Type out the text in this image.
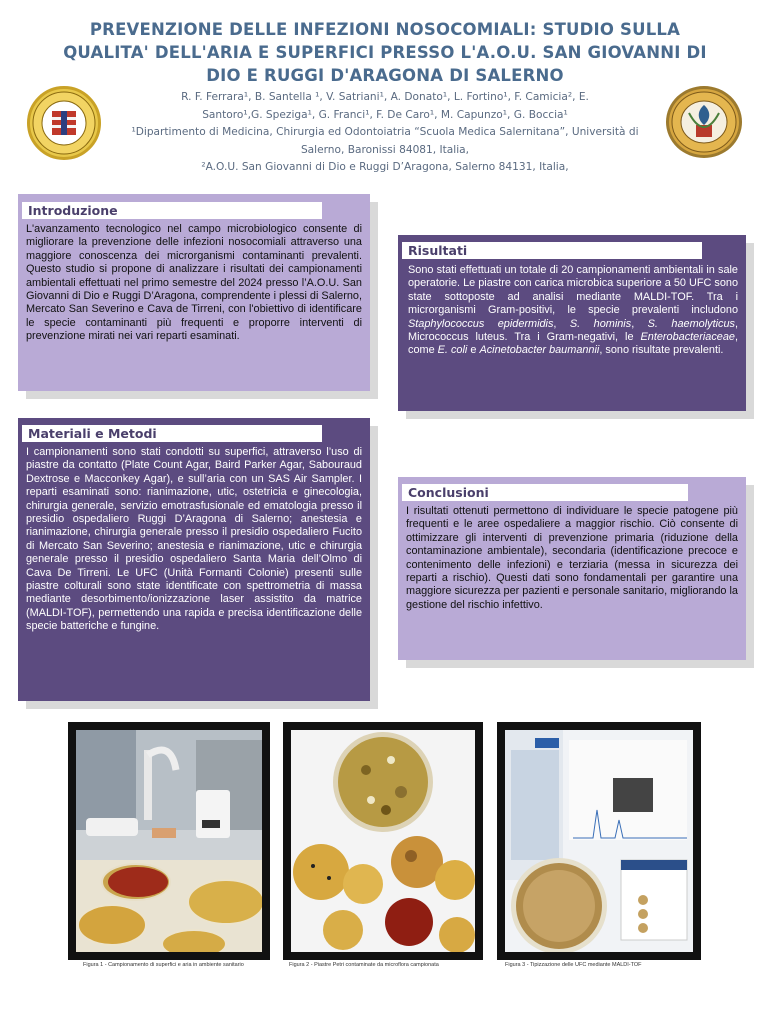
PREVENZIONE DELLE INFEZIONI NOSOCOMIALI: STUDIO SULLA QUALITA' DELL'ARIA E SUPERFICI PRESSO L'A.O.U. SAN GIOVANNI DI DIO E RUGGI D'ARAGONA DI SALERNO
R. F. Ferrara¹, B. Santella ¹, V. Satriani¹, A. Donato¹, L. Fortino¹, F. Camicia², E.
Santoro¹,G. Speziga¹, G. Franci¹, F. De Caro¹, M. Capunzo¹, G. Boccia¹
¹Dipartimento di Medicina, Chirurgia ed Odontoiatria “Scuola Medica Salernitana”, Università di
Salerno, Baronissi 84081, Italia,
²A.O.U. San Giovanni di Dio e Ruggi D’Aragona, Salerno 84131, Italia,
Introduzione
L'avanzamento tecnologico nel campo microbiologico consente di migliorare la prevenzione delle infezioni nosocomiali attraverso una maggiore conoscenza dei microrganismi contaminanti prevalenti. Questo studio si propone di analizzare i risultati dei campionamenti ambientali effettuati nel primo semestre del 2024 presso l’A.O.U. San Giovanni di Dio e Ruggi D’Aragona, comprendente i plessi di Salerno, Mercato San Severino e Cava de Tirreni, con l'obiettivo di identificare le specie contaminanti più frequenti e proporre interventi di prevenzione mirati nei vari reparti esaminati.
Materiali e Metodi
I campionamenti sono stati condotti su superfici, attraverso l’uso di piastre da contatto (Plate Count Agar, Baird Parker Agar, Sabouraud Dextrose e Macconkey Agar), e sull’aria con un SAS Air Sampler. I reparti esaminati sono: rianimazione, utic, ostetricia e ginecologia, chirurgia generale, servizio emotrasfusionale ed ematologia presso il presidio ospedaliero Ruggi D’Aragona di Salerno; anestesia e rianimazione, chirurgia generale presso il presidio ospedaliero Fucito di Mercato San Severino; anestesia e rianimazione, utic e chirurgia generale presso il presidio ospedaliero Santa Maria dell’Olmo di Cava De Tirreni. Le UFC (Unità Formanti Colonie) presenti sulle piastre colturali sono state identificate con spettrometria di massa mediante desorbimento/ionizzazione laser assistito da matrice (MALDI-TOF), permettendo una rapida e precisa identificazione delle specie batteriche e fungine.
Risultati
Sono stati effettuati un totale di 20 campionamenti ambientali in sale operatorie. Le piastre con carica microbica superiore a 50 UFC sono state sottoposte ad analisi mediante MALDI-TOF. Tra i microrganismi Gram-positivi, le specie prevalenti includono Staphylococcus epidermidis, S. hominis, S. haemolyticus, Micrococcus luteus. Tra i Gram-negativi, le Enterobacteriaceae, come E. coli e Acinetobacter baumannii, sono risultate prevalenti.
Conclusioni
I risultati ottenuti permettono di individuare le specie patogene più frequenti e le aree ospedaliere a maggior rischio. Ciò consente di ottimizzare gli interventi di prevenzione primaria (riduzione della contaminazione ambientale), secondaria (identificazione precoce e contenimento delle infezioni) e terziaria (messa in sicurezza dei reparti a rischio). Questi dati sono fondamentali per garantire una maggiore sicurezza per pazienti e personale sanitario, migliorando la gestione del rischio infettivo.
Figura 1 - Campionamento di superfici e aria in ambiente sanitario	Figura 2 - Piastre Petri contaminate da microflora campionata	Figura 3 - Tipizzazione delle UFC mediante MALDI-TOF
